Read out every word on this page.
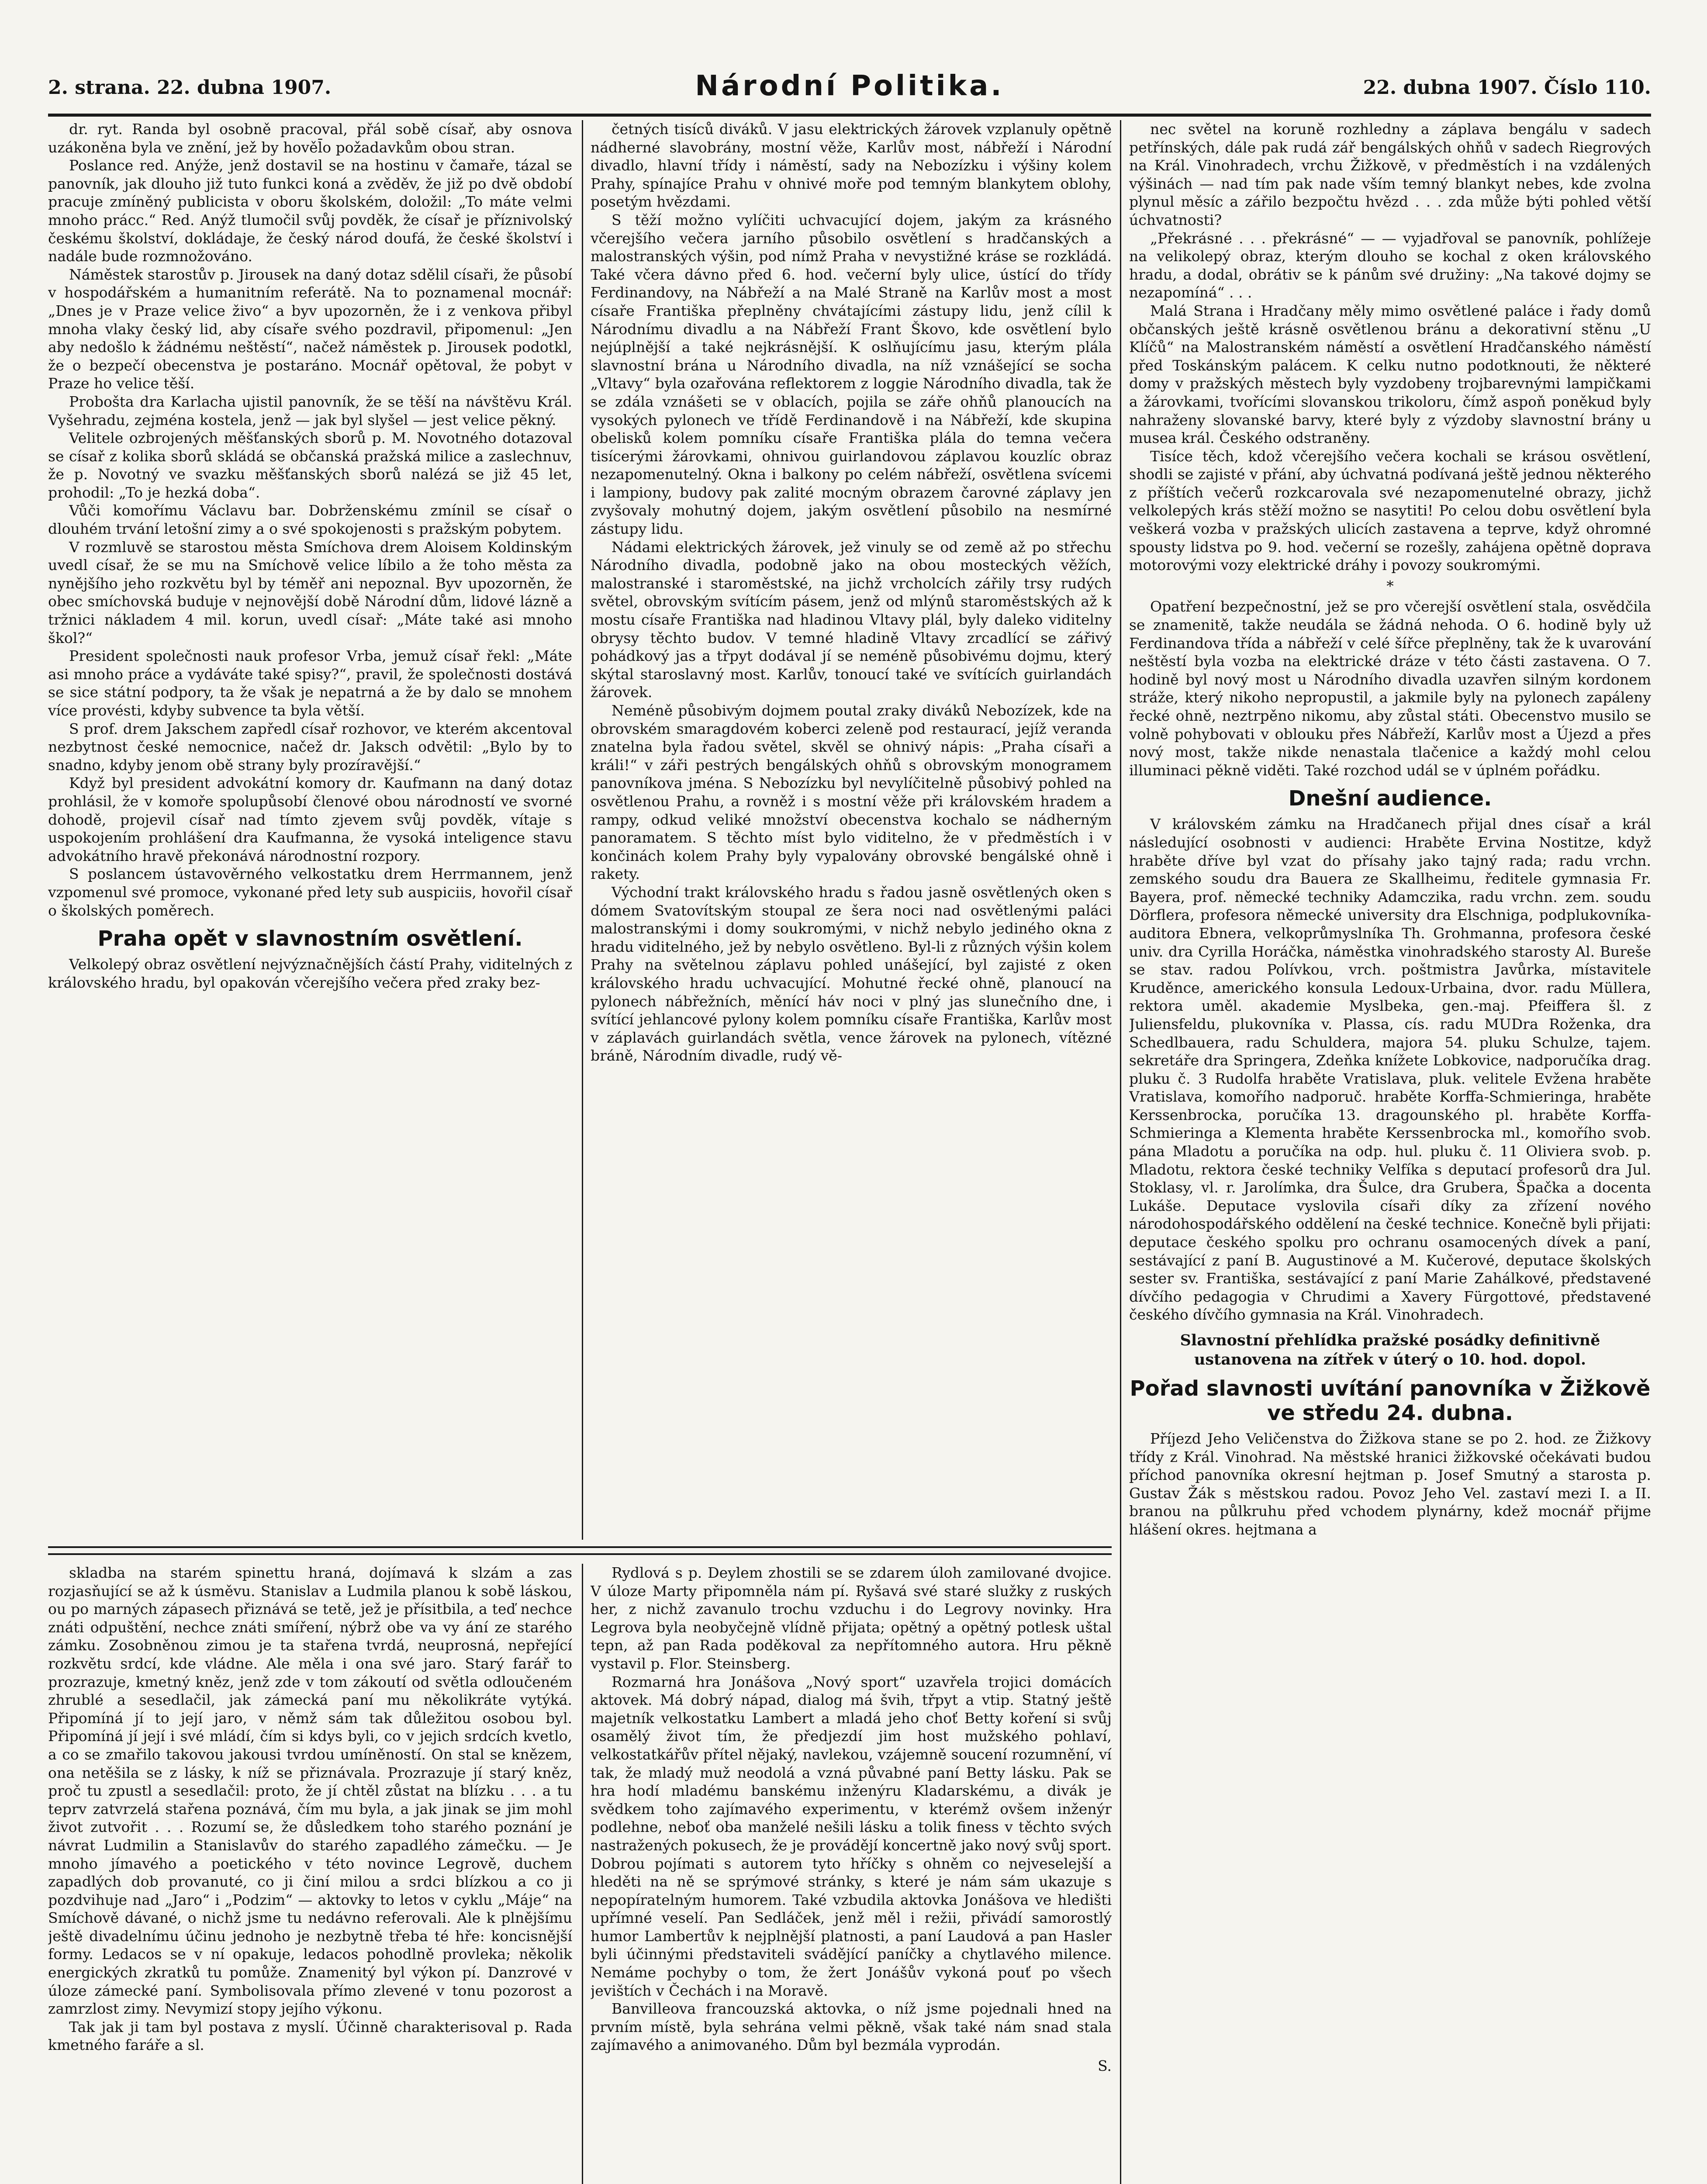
2. strana. 22. dubna 1907.	Národní Politika.	22. dubna 1907. Číslo 110.

dr. ryt. Randa byl osobně pracoval, přál sobě císař, aby osnova uzákoněna byla ve znění, jež by hověl̄o požadavkům obou stran.

Poslance red. Anýže, jenž dostavil se na hostinu v čamaře, tázal se panovník, jak dlouho již tuto funkci koná a zvěděv, že již po dvě období pracuje zmíněný publicista v oboru školském, doložil: „To máte velmi mnoho prácc.“ Red. Anýž tlumočil svůj povděk, že císař je příznivolský českému školství, dokládaje, že český národ doufá, že české školství i nadále bude rozmnožováno.

Náměstek starostův p. Jirousek na daný dotaz sdělil císaři, že působí v hospodářském a humanitním referátě. Na to poznamenal mocnář: „Dnes je v Praze velice živo“ a byv upozorněn, že i z venkova přibyl mnoha vlaky český lid, aby císaře svého pozdravil, připomenul: „Jen aby nedošlo k žádnému neštěstí“, načež náměstek p. Jirousek podotkl, že o bezpečí obecenstva je postaráno. Mocnář opětoval, že pobyt v Praze ho velice těší.

Proboštа dra Karlacha ujistil panovník, že se těší na návštěvu Král. Vyšehradu, zejména kostela, jenž — jak byl slyšel — jest velice pěkný.

Velitele ozbrojených měšťanských sborů p. M. Novotného dotazoval se císař z kolika sborů skládá se občanská pražská milice a zaslechnuv, že p. Novotný ve svazku měšťanských sborů nalézá se již 45 let, prohodil: „To je hezká doba“.

Vůči komořímu Václavu bar. Dobrženskému zmínil se císař o dlouhém trvání letošní zimy a o své spokojenosti s pražským pobytem.

V rozmluvě se starostou města Smíchova drem Aloisem Koldinským uvedl císař, že se mu na Smíchově velice líbilo a že toho města za nynějšího jeho rozkvětu byl by téměř ani nepoznal. Byv upozorněn, že obec smíchovská buduje v nejnovější době Národní dům, lidové lázně a tržnici nákladem 4 mil. korun, uvedl císař: „Máte také asi mnoho škol?“

President společnosti nauk profesor Vrba, jemuž císař řekl: „Máte asi mnoho práce a vydáváte také spisy?“, pravil, že společnosti dostává se sice státní podpory, ta že však je nepatrná a že by dalo se mnohem více provésti, kdyby subvence ta byla větší.

S prof. drem Jakschem zapředl císař rozhovor, ve kterém akcentoval nezbytnost české nemocnice, načež dr. Jaksch odvětil: „Bylo by to snadno, kdyby jenom obě strany byly prozíravější.“

Když byl president advokátní komory dr. Kaufmann na daný dotaz prohlásil, že v komoře spolupůsobí členové obou národností ve svorné dohodě, projevil císař nad tímto zjevem svůj povděk, vítaje s uspokojením prohlášení dra Kaufmanna, že vysoká inteligence stavu advokátního hravě překonává národnostní rozpory.

S poslancem ústavověrného velkostatku drem Herrmannem, jenž vzpomenul své promoce, vykonané před lety sub auspiciis, hovořil císař o školských poměrech.

Praha opět v slavnostním osvětlení.

Velkolepý obraz osvětlení nejvýznačnějších částí Prahy, viditelných z královského hradu, byl opakován včerejšího večera před zraky bez-

četných tisíců diváků. V jasu elektrických žárovek vzplanuly opětně nádherné slavobrány, mostní věže, Karlův most, nábřeží i Národní divadlo, hlavní třídy i náměstí, sady na Nebozízku i výšiny kolem Prahy, spínajíce Prahu v ohnivé moře pod temným blankytem oblohy, posetým hvězdami.

S těží možno vylíčiti uchvacující dojem, jakým za krásného včerejšího večera jarního působilo osvětlení s hradčanských a malostranských výšin, pod nímž Praha v nevystižné kráse se rozkládá. Také včera dávno před 6. hod. večerní byly ulice, ústící do třídy Ferdinandovy, na Nábřeží a na Malé Straně na Karlův most a most císaře Františka přeplněny chvátajícími zástupy lidu, jenž cílil k Národnímu divadlu a na Nábřeží Frant Škovo, kde osvětlení bylo nejúplnější a také nejkrásnější. K oslňujícímu jasu, kterým plála slavnostní brána u Národního divadla, na níž vznášející se socha „Vltavy“ byla ozařována reflektorem z loggie Národního divadla, tak že se zdála vznášeti se v oblacích, pojila se záře ohňů planoucích na vysokých pylonech ve třídě Ferdinandově i na Nábřeží, kde skupina obelisků kolem pomníku císaře Františka plála do temna večera tisícerými žárovkami, ohnivou guirlandovou záplavou kouzlíc obraz nezapomenutelný. Okna i balkony po celém nábřeží, osvětlena svícemi i lampiony, budovy pak zalité mocným obrazem čarovné záplavy jen zvyšovaly mohutný dojem, jakým osvětlení působilo na nesmírné zástupy lidu.

Nádami elektrických žárovek, jež vinuly se od země až po střechu Národního divadla, podobně jako na obou mosteckých věžích, malostranské i staroměstské, na jichž vrcholcích zářily trsy rudých světel, obrovským svítícím pásem, jenž od mlýnů staroměstských až k mostu císaře Františka nad hladinou Vltavy plál, byly daleko viditelny obrysy těchto budov. V temné hladině Vltavy zrcadlící se zářivý pohádkový jas a třpyt dodával jí se neméně působivému dojmu, který skýtal staroslavný most. Karlův, tonoucí také ve svítících guirlandách žárovek.

Neméně působivým dojmem poutal zraky diváků Nebozízek, kde na obrovském smaragdovém koberci zeleně pod restaurací, jejíž veranda znatelna byla řadou světel, skvěl se ohnivý nápis: „Praha císaři a králi!“ v záři pestrých bengálských ohňů s obrovským monogramem panovníkova jména. S Nebozízku byl nevylíčitelně působivý pohled na osvětlenou Prahu, a rovněž i s mostní věže při královském hradem a rampy, odkud veliké množství obecenstva kochalo se nádherným panoramatem. S těchto míst bylo viditelno, že v předměstích i v končinách kolem Prahy byly vypalovány obrovské bengálské ohně i rakety.

Východní trakt královského hradu s řadou jasně osvětlených oken s dómem Svatovítským stoupal ze šera noci nad osvětlenými paláci malostranskými i domy soukromými, v nichž nebylo jediného okna z hradu viditelného, jež by nebylo osvětleno. Byl-li z různých výšin kolem Prahy na světelnou záplavu pohled unášející, byl zajisté z oken královského hradu uchvacující. Mohutné řecké ohně, planoucí na pylonech nábřežních, měnící háv noci v plný jas slunečního dne, i svítící jehlancové pylony kolem pomníku císaře Františka, Karlův most v záplavách guirlandách světla, vence žárovek na pylonech, vítězné bráně, Národním divadle, rudý vě-

nec světel na koruně rozhledny a záplava bengálu v sadech petřínských, dále pak rudá zář bengálských ohňů v sadech Riegrových na Král. Vinohradech, vrchu Žižkově, v předměstích i na vzdálených výšinách — nad tím pak nade vším temný blankyt nebes, kde zvolna plynul měsíc a zářilo bezpočtu hvězd . . . zda může býti pohled větší úchvatnosti?

„Překrásné . . . překrásné“ — — vyjadřoval se panovník, pohlížeje na velikolepý obraz, kterým dlouho se kochal z oken královského hradu, a dodal, obrátiv se k pánům své družiny: „Na takové dojmy se nezapomíná“ . . .

Malá Strana i Hradčany měly mimo osvětlené paláce i řady domů občanských ještě krásně osvětlenou bránu a dekorativní stěnu „U Klíčů“ na Malostranském náměstí a osvětlení Hradčanského náměstí před Toskánským palácem. K celku nutno podotknouti, že některé domy v pražských městech byly vyzdobeny trojbarevnými lampičkami a žárovkami, tvořícími slovanskou trikoloru, čímž aspoň poněkud byly nahraženy slovanské barvy, které byly z výzdoby slavnostní brány u musea král. Českého odstraněny.

Tisíce těch, kdož včerejšího večera kochali se krásou osvětlení, shodli se zajisté v přání, aby úchvatná podívaná ještě jednou některého z příštích večerů rozkcarovala své nezapomenutelné obrazy, jichž velkolepých krás stěží možno se nasytiti! Po celou dobu osvětlení byla veškerá vozba v pražských ulicích zastavena a teprve, když ohromné spousty lidstva po 9. hod. večerní se rozešly, zahájena opětně doprava motorovými vozy elektrické dráhy i povozy soukromými.

*

Opatření bezpečnostní, jež se pro včerejší osvětlení stala, osvědčila se znamenitě, takže neudála se žádná nehoda. O 6. hodině byly už Ferdinandova třída a nábřeží v celé šířce přeplněny, tak že k uvarování neštěstí byla vozba na elektrické dráze v této části zastavena. O 7. hodině byl nový most u Národního divadla uzavřen silným kordonem stráže, který nikoho nepropustil, a jakmile byly na pylonech zapáleny řecké ohně, neztrpěno nikomu, aby zůstal státi. Obecenstvo musilo se volně pohybovati v oblouku přes Nábřeží, Karlův most a Újezd a přes nový most, takže nikde nenastala tlačenice a každý mohl celou illuminaci pěkně viděti. Také rozchod udál se v úplném pořádku.

Dnešní audience.

V královském zámku na Hradčanech přijal dnes císař a král následující osobnosti v audienci: Hraběte Ervina Nostitze, když hraběte dříve byl vzat do přísahy jako tajný rada; radu vrchn. zemského soudu dra Bauera ze Skallheimu, ředitele gymnasia Fr. Bayera, prof. německé techniky Adamczika, radu vrchn. zem. soudu Dörflera, profesora německé university dra Elschniga, podplukovníka-auditora Ebnera, velkoprůmyslníka Th. Grohmanna, profesora české univ. dra Cyrilla Horáčka, náměstka vinohradského starosty Al. Bureše se stav. radou Polívkou, vrch. poštmistra Javůrka, místavitele Kruděnce, amerického konsula Ledoux-Urbaina, dvor. radu Müllera, rektora uměl. akademie Myslbeka, gen.-maj. Pfeiffera šl. z Juliensfeldu, plukovníka v. Plassa, cís. radu MUDra Roženka, dra Schedlbauera, radu Schuldera, majora 54. pluku Schulze, tajem. sekretáře dra Springera, Zdeňka knížete Lobkovice, nadporučíka drag. pluku č. 3 Rudolfa hraběte Vratislava, pluk. velitele Evžena hraběte Vratislava, komořího nadporuč. hraběte Korffa-Schmieringa, hraběte Kerssenbrocka, poručíka 13. dragounského pl. hraběte Korffa-Schmieringa a Klementa hraběte Kerssenbrocka ml., komořího svob. pána Mladotu a poručíka na odp. hul. pluku č. 11 Oliviera svob. p. Mladotu, rektora české techniky Velfíka s deputací profesorů dra Jul. Stoklasy, vl. r. Jarolímka, dra Šulce, dra Grubera, Špačka a docenta Lukáše. Deputace vyslovila císaři díky za zřízení nového národohospodářského oddělení na české technice. Konečně byli přijati: deputace českého spolku pro ochranu osamocených dívek a paní, sestávající z paní B. Augustinové a M. Kučerové, deputace školských sester sv. Františka, sestávající z paní Marie Zahálkové, představené dívčího pedagogia v Chrudimi a Xavery Fürgottové, představené českého dívčího gymnasia na Král. Vinohradech.

Slavnostní přehlídka pražské posádky definitivně ustanovena na zítřek v úterý o 10. hod. dopol.
Pořad slavnosti uvítání panovníka v Žižkově ve středu 24. dubna.

Příjezd Jeho Veličenstva do Žižkova stane se po 2. hod. ze Žižkovy třídy z Král. Vinohrad. Na městské hranici žižkovské očekávati budou příchod panovníka okresní hejtman p. Josef Smutný a starosta p. Gustav Žák s městskou radou. Povoz Jeho Vel. zastaví mezi I. a II. branou na půlkruhu před vchodem plynárny, kdež mocnář přijme hlášení okres. hejtmana a

skladba na starém spinettu hraná, dojímavá k slzám a zas rozjasňující se až k úsměvu. Stanislav a Ludmila planou k sobě láskou, ou po marných zápasech přiznává se tetě, jež je přísitbila, a teď nechce znáti odpuštění, nechce znáti smíření, nýbrž obe va vy ání ze starého zámku. Zosobněnou zimou je ta stařena tvrdá, neuprosná, nepřející rozkvětu srdcí, kde vládne. Ale měla i ona své jaro. Starý farář to prozrazuje, kmetný kněz, jenž zde v tom zákoutí od světla odloučeném zhrublé a sesedlačil, jak zámecká paní mu několikráte vytýká. Připomíná jí to její jaro, v němž sám tak důležitou osobou byl. Připomíná jí její i své mládí, čím si kdys byli, co v jejich srdcích kvetlo, a co se zmařilo takovou jakousi tvrdou umíněností. On stal se knězem, ona netěšila se z lásky, k níž se přiznávala. Prozrazuje jí starý kněz, proč tu zpustl a sesedlačil: proto, že jí chtěl zůstat na blízku . . . a tu teprv zatvrzelá stařena poznává, čím mu byla, a jak jinak se jim mohl život zutvořit . . . Rozumí se, že důsledkem toho starého poznání je návrat Ludmilin a Stanislavův do starého zapadlého zámečku. — Je mnoho jímavého a poetického v této novince Legrově, duchem zapadlých dob provanuté, co ji činí milou a srdci blízkou a co ji pozdvihuje nad „Jaro“ i „Podzim“ — aktovky to letos v cyklu „Máje“ na Smíchově dávané, o nichž jsme tu nedávno referovali. Ale k plnějšímu ještě divadelnímu účinu jednoho je nezbytně třeba té hře: koncisnější formy. Ledacos se v ní opakuje, ledacos pohodlně provlekа; několik energických zkratků tu pomůže. Znamenitý byl výkon pí. Danzrové v úloze zámecké paní. Symbolisovala přímo zlevené v tonu pozorost a zamrzlost zimy. Nevymizí stopy jejího výkonu.

Tak jak ji tam byl postava z myslí. Účinně charakterisoval p. Rada kmetného faráře a sl.

Rydlová s p. Deylem zhostili se se zdarem úloh zamilované dvojice. V úloze Marty připomněla nám pí. Ryšavá své staré služky z ruských her, z nichž zavanulo trochu vzduchu i do Legrovy novinky. Hra Legrova byla neobyčejně vlídně přijata; opětný a opětný potlesk uštal tepn, až pan Rada poděkoval za nepřítomného autora. Hru pěkně vystavil p. Flor. Steinsberg.

Rozmarná hra Jonášova „Nový sport“ uzavřela trojici domácích aktovek. Má dobrý nápad, dialog má švih, třpyt a vtip. Statný ještě majetník velkostatku Lambert a mladá jeho choť Betty koření si svůj osamělý život tím, že předjezdí jim host mužského pohlaví, velkostatkářův přítel nějaký, navlekou, vzájemně soucení rozumnění, ví tak, že mladý muž neodolá a vzná půvabné paní Betty lásku. Pak se hra hodí mladému banskému inženýru Kladarskému, a divák je svědkem toho zajímavého experimentu, v kterémž ovšem inženýr podlehne, neboť oba manželé nešili lásku a tolik finess v těchto svých nastražených pokusech, že je provádějí koncertně jako nový svůj sport. Dobrou pojímati s autorem tyto hříčky s ohněm co nejveselejší a hleděti na ně se sprýmové stránky, s které je nám sám ukazuje s nepopíratelným humorem. Také vzbudila aktovka Jonášova ve hledišti upřímné veselí. Pan Sedláček, jenž měl i režii, přivádí samorostlý humor Lambertův k nejplnější platnosti, a paní Laudová a pan Hasler byli účinnými představiteli svádějící paníčky a chytlavého milence. Nemáme pochyby o tom, že žert Jonášův vykoná pouť po všech jevištích v Čechách i na Moravě.

Banvillеova francouzská aktovka, o níž jsme pojednali hned na prvním místě, byla sehrána velmi pěkně, však také nám snad stala zajímavého a animovaného. Dům byl bezmála vyprodán.

S.
